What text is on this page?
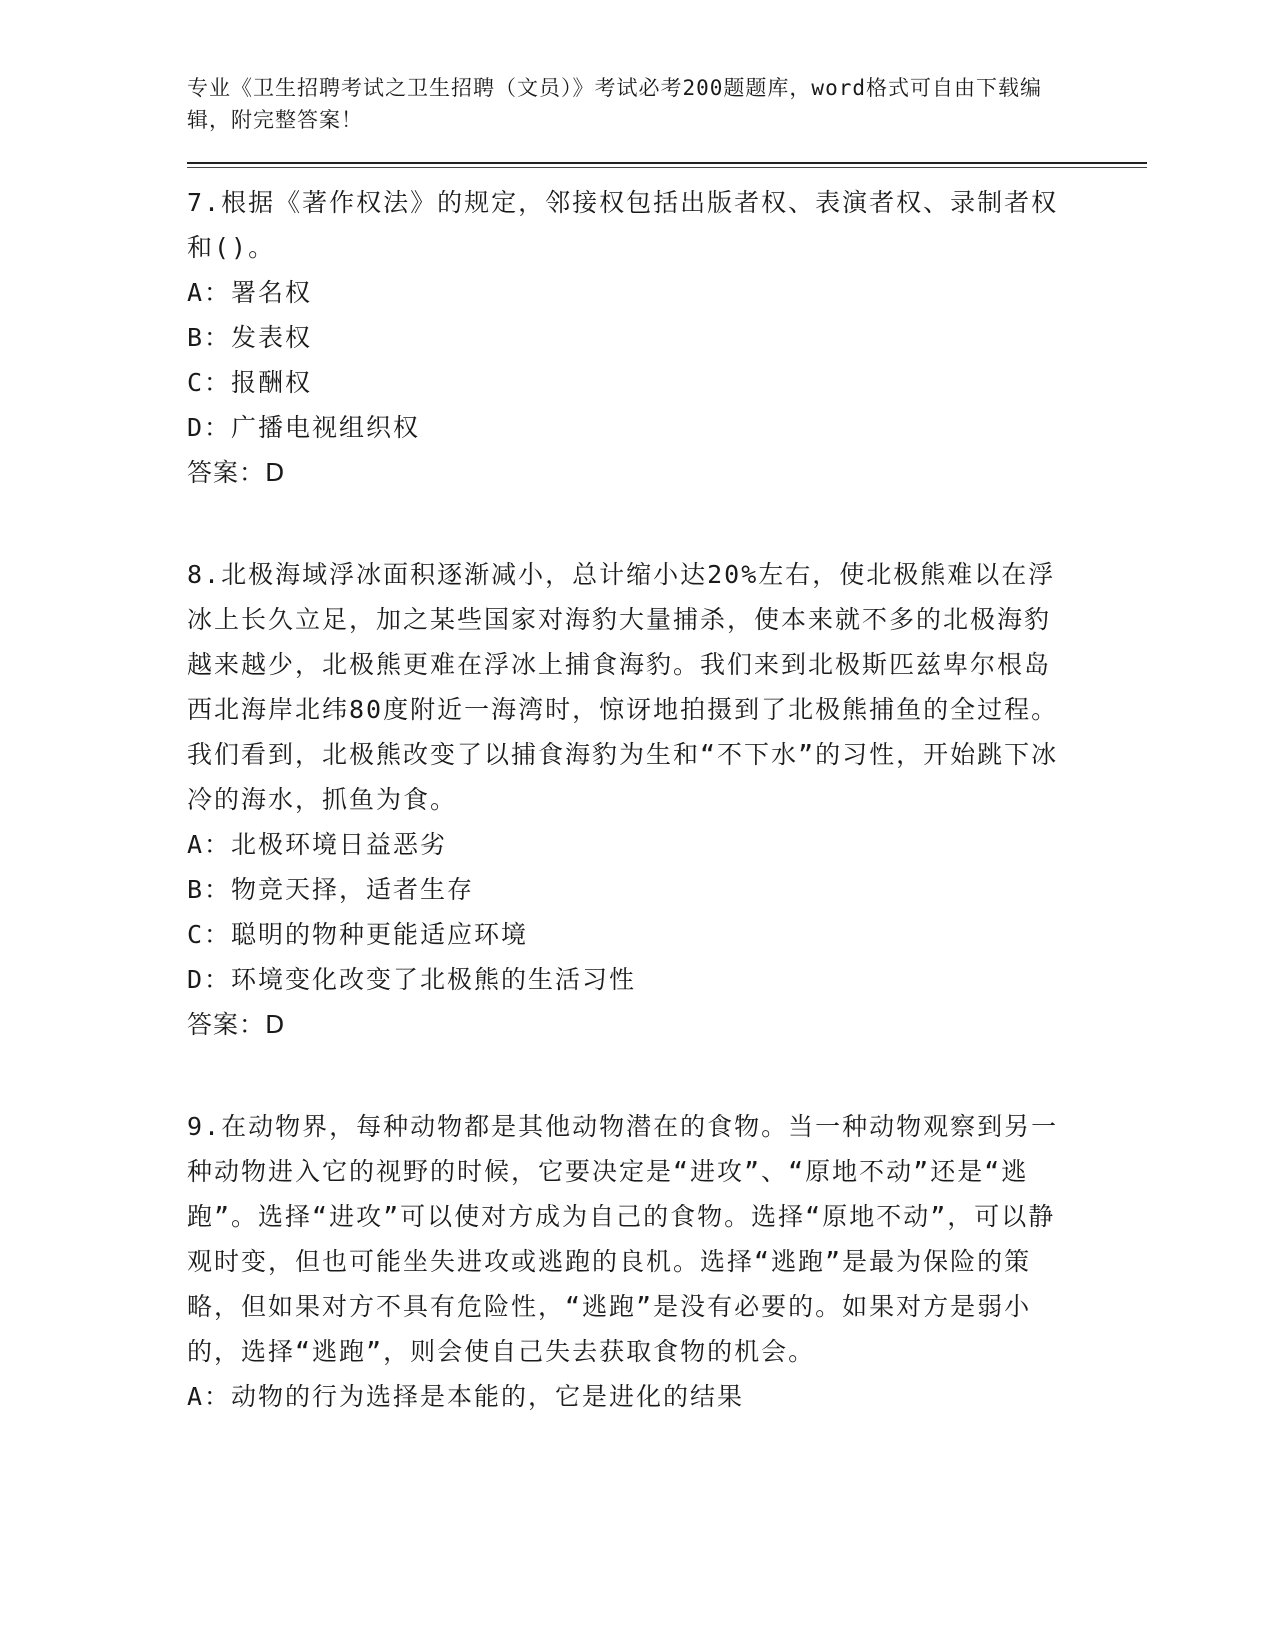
专业《卫生招聘考试之卫生招聘（文员）》考试必考200题题库，word格式可自由下载编辑，附完整答案！
7.根据《著作权法》的规定，邻接权包括出版者权、表演者权、录制者权和()。
A：署名权
B：发表权
C：报酬权
D：广播电视组织权
答案：D
8.北极海域浮冰面积逐渐减小，总计缩小达20%左右，使北极熊难以在浮冰上长久立足，加之某些国家对海豹大量捕杀，使本来就不多的北极海豹越来越少，北极熊更难在浮冰上捕食海豹。我们来到北极斯匹兹卑尔根岛西北海岸北纬80度附近一海湾时，惊讶地拍摄到了北极熊捕鱼的全过程。我们看到，北极熊改变了以捕食海豹为生和“不下水”的习性，开始跳下冰冷的海水，抓鱼为食。
A：北极环境日益恶劣
B：物竞天择，适者生存
C：聪明的物种更能适应环境
D：环境变化改变了北极熊的生活习性
答案：D
9.在动物界，每种动物都是其他动物潜在的食物。当一种动物观察到另一种动物进入它的视野的时候，它要决定是“进攻”、“原地不动”还是“逃跑”。选择“进攻”可以使对方成为自己的食物。选择“原地不动”，可以静观时变，但也可能坐失进攻或逃跑的良机。选择“逃跑”是最为保险的策略，但如果对方不具有危险性，“逃跑”是没有必要的。如果对方是弱小的，选择“逃跑”，则会使自己失去获取食物的机会。
A：动物的行为选择是本能的，它是进化的结果
